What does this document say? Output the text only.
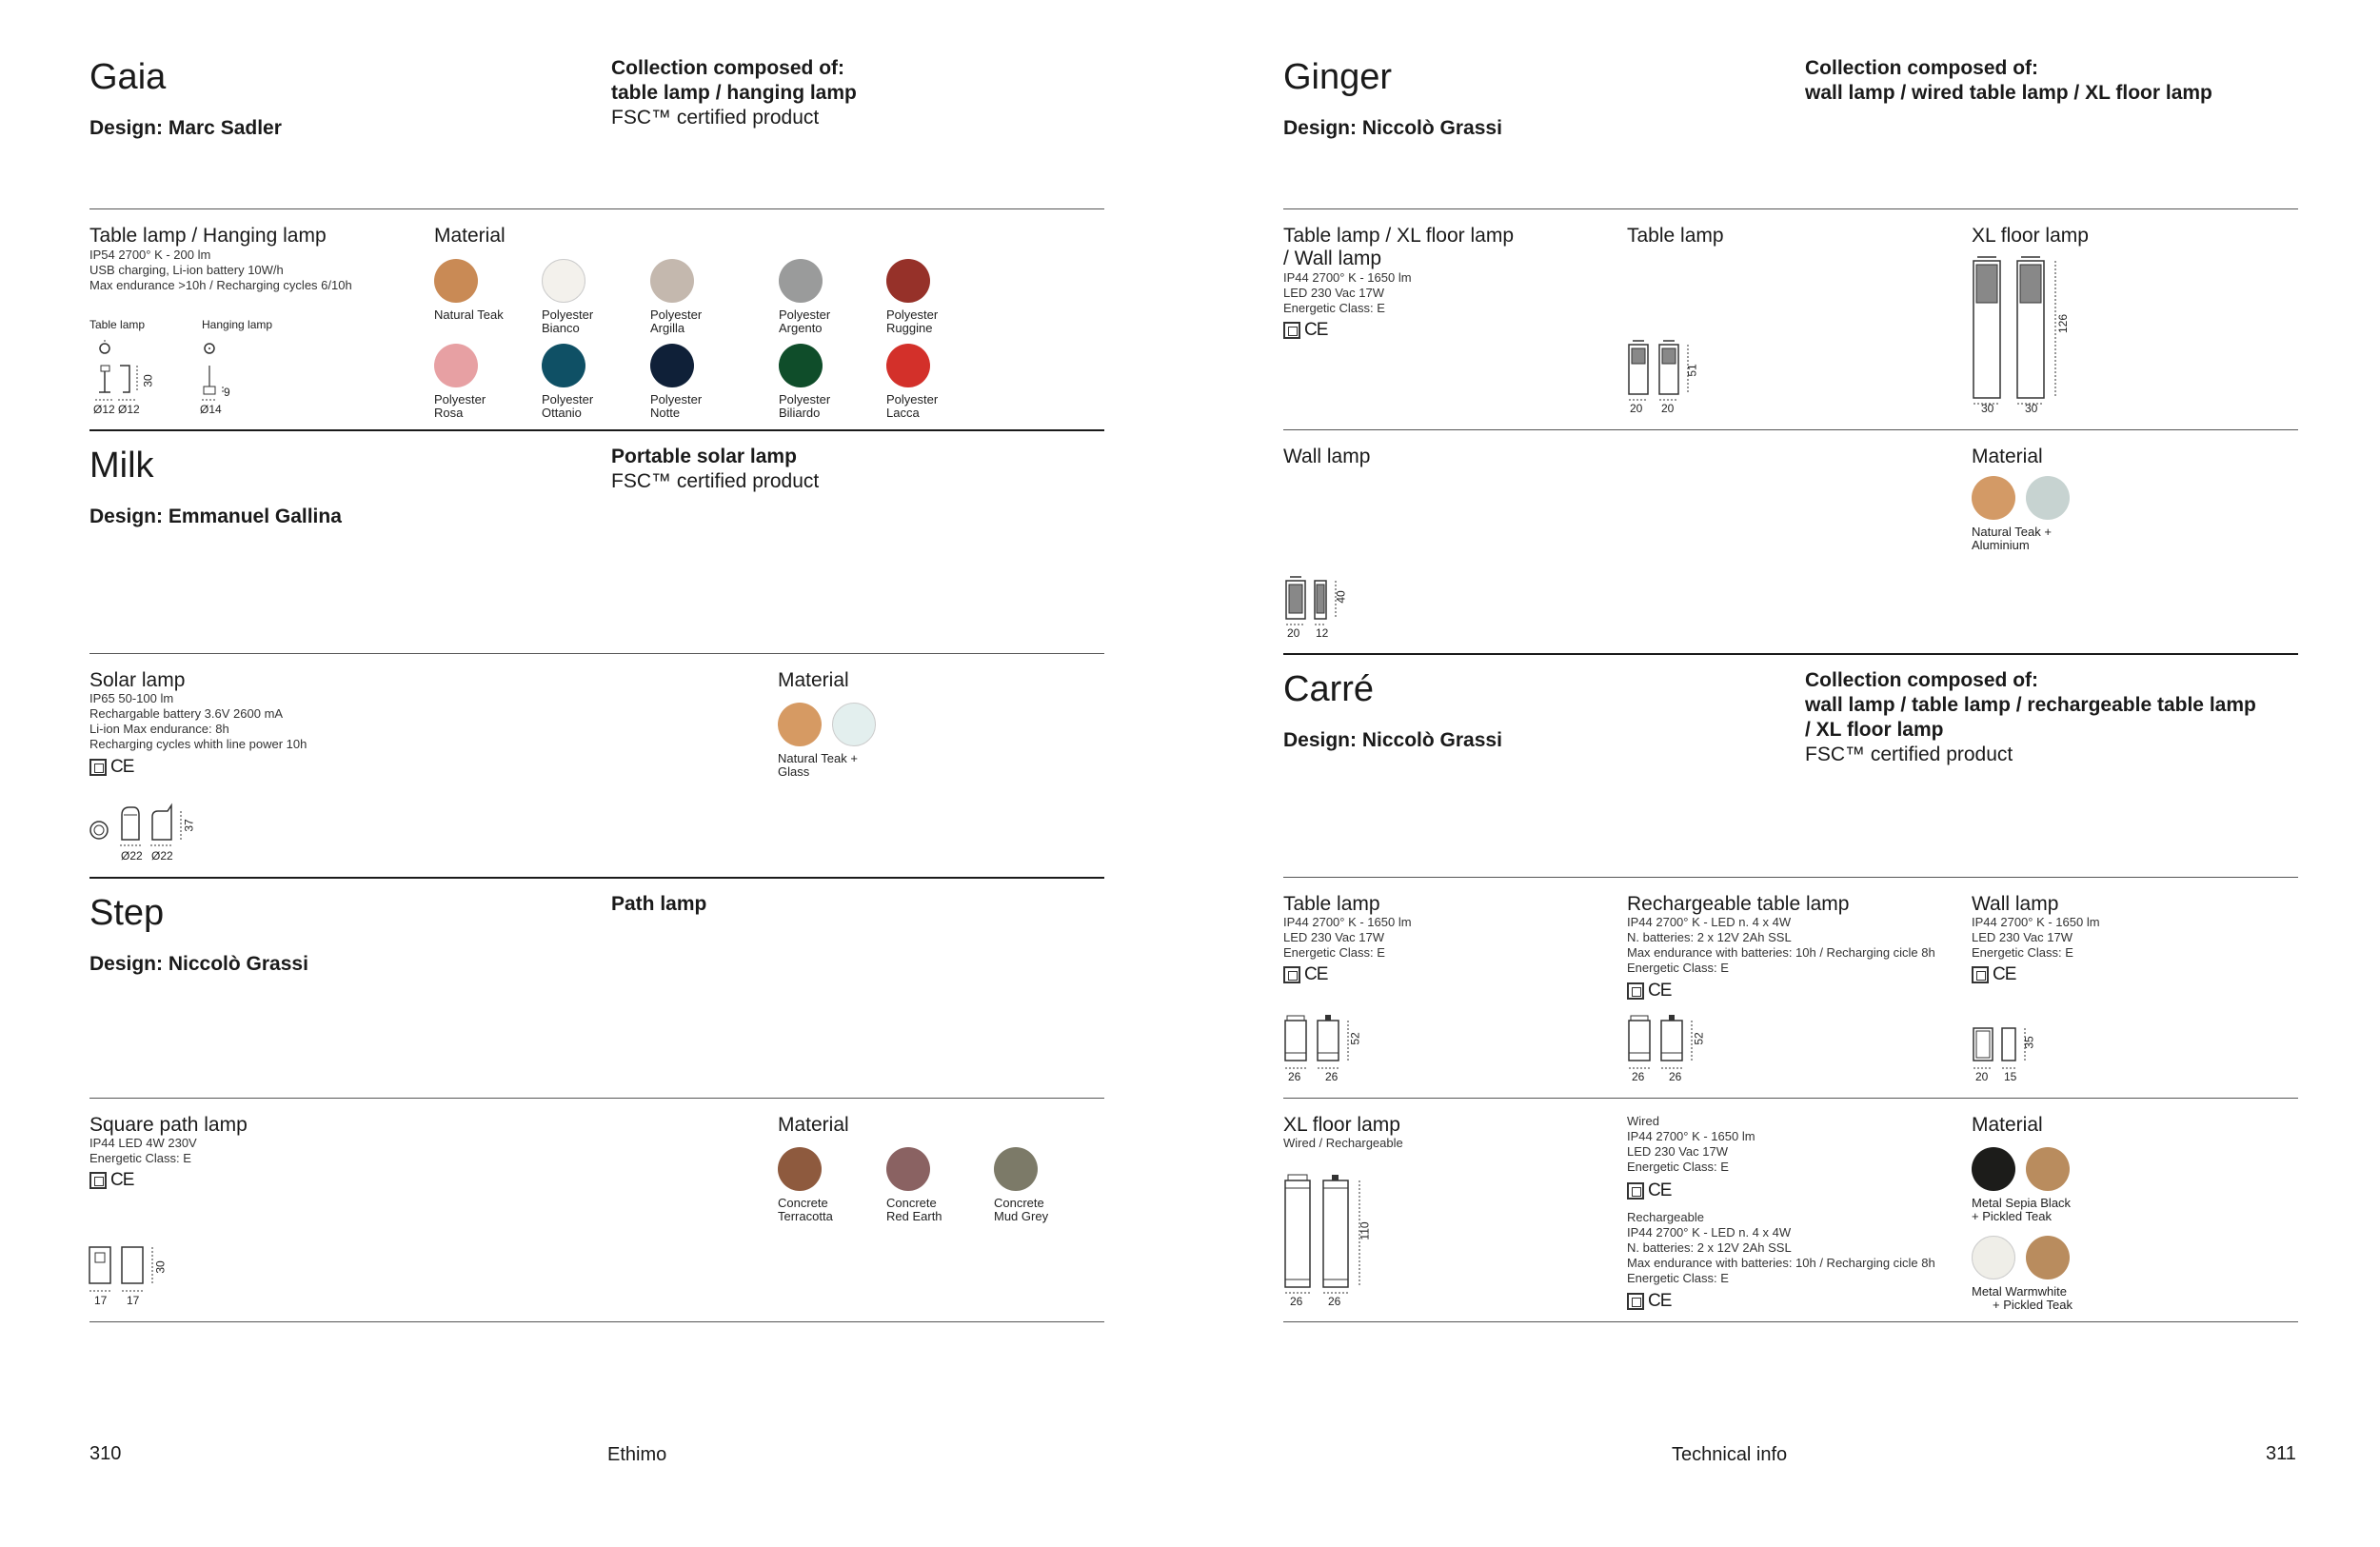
Gaia
Design: Marc Sadler
Collection composed of:
table lamp / hanging lamp
FSC™ certified product
Table lamp / Hanging lamp
IP54 2700° K - 200 lm
USB charging, Li-ion battery 10W/h
Max endurance >10h / Recharging cycles 6/10h
Table lamp	Hanging lamp
Ø12 Ø12
30
Ø14
9
Material
Natural Teak	Polyester
Bianco
Polyester
Argilla
Polyester
Argento
Polyester
Ruggine
Polyester
Rosa
Polyester
Ottanio
Polyester
Notte
Polyester
Biliardo
Polyester
Lacca
Milk
Design: Emmanuel Gallina
Portable solar lamp
FSC™ certified product
Solar lamp
IP65 50-100 lm
Rechargable battery 3.6V 2600 mA
Li-ion Max endurance: 8h
Recharging cycles whith line power 10h
CE
Ø22 Ø22
37
Material
Natural Teak +
Glass
Step
Design: Niccolò Grassi
Path lamp
Square path lamp
IP44 LED 4W 230V
Energetic Class: E
CE
17 17
30
Material
Concrete
Terracotta
Concrete
Red Earth
Concrete
Mud Grey
310	Ethimo
Ginger
Design: Niccolò Grassi
Collection composed of:
wall lamp / wired table lamp / XL floor lamp
Table lamp / XL floor lamp
/ Wall lamp
IP44 2700° K - 1650 lm
LED 230 Vac 17W
Energetic Class: E
CE
Table lamp
20 20
51
XL floor lamp
30	30
126
Wall lamp
20 12
40
Material
Natural Teak +
Aluminium
Carré
Design: Niccolò Grassi
Collection composed of:
wall lamp / table lamp / rechargeable table lamp
/ XL floor lamp
FSC™ certified product
Table lamp
IP44 2700° K - 1650 lm
LED 230 Vac 17W
Energetic Class: E
CE
26 26
52
Rechargeable table lamp
IP44 2700° K - LED n. 4 x 4W
N. batteries: 2 x 12V 2Ah SSL
Max endurance with batteries: 10h / Recharging cicle 8h
Energetic Class: E
CE
26 26
52
Wall lamp
IP44 2700° K - 1650 lm
LED 230 Vac 17W
Energetic Class: E
CE
20 15
35
XL floor lamp
Wired / Rechargeable
26 26
110
Wired
IP44 2700° K - 1650 lm
LED 230 Vac 17W
Energetic Class: E
CE
Rechargeable
IP44 2700° K - LED n. 4 x 4W
N. batteries: 2 x 12V 2Ah SSL
Max endurance with batteries: 10h / Recharging cicle 8h
Energetic Class: E
CE
Material
Metal Sepia Black
+ Pickled Teak
Metal Warmwhite
+ Pickled Teak
Technical info	311
